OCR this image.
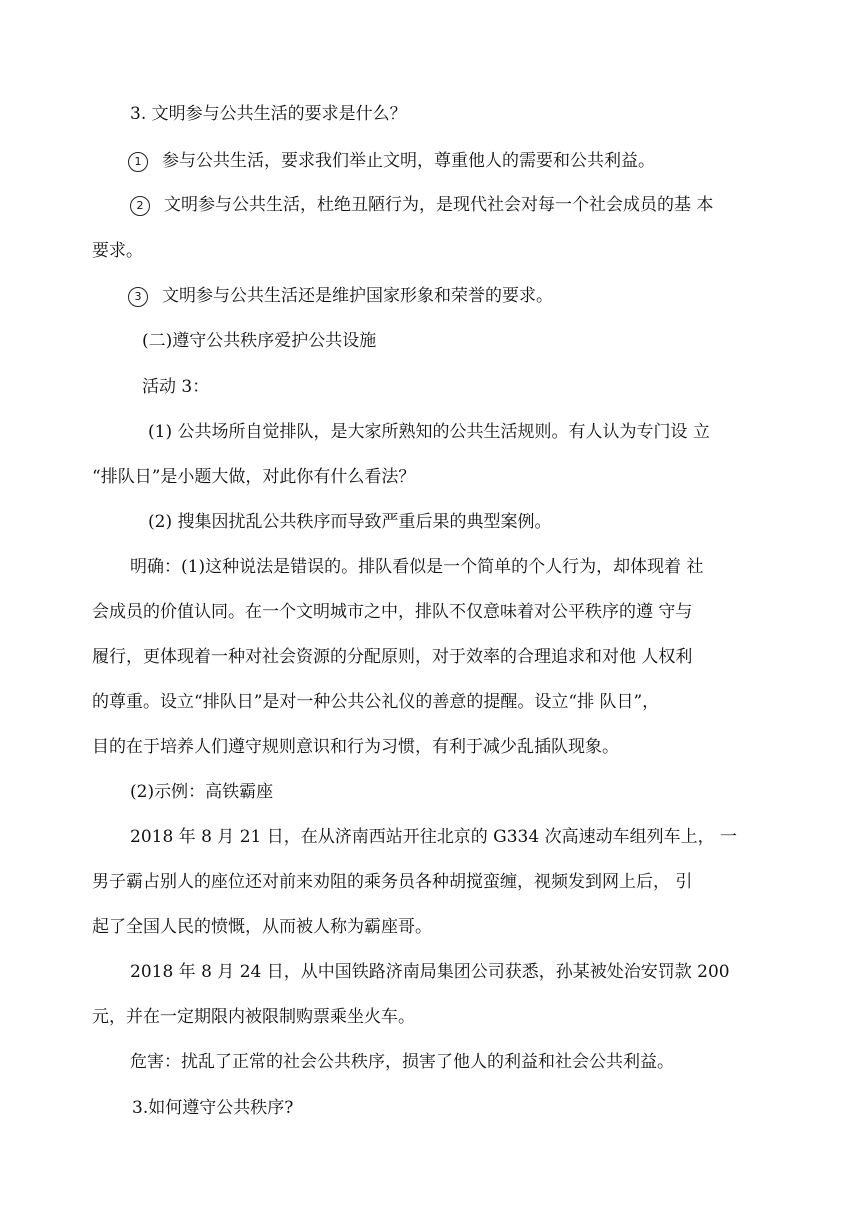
3. 文明参与公共生活的要求是什么？
1 参与公共生活，要求我们举止文明，尊重他人的需要和公共利益。
2 文明参与公共生活，杜绝丑陋行为，是现代社会对每一个社会成员的基 本
要求。
3 文明参与公共生活还是维护国家形象和荣誉的要求。
(二)遵守公共秩序爱护公共设施
活动 3：
(1) 公共场所自觉排队，是大家所熟知的公共生活规则。有人认为专门设 立
“排队日”是小题大做，对此你有什么看法？
(2) 搜集因扰乱公共秩序而导致严重后果的典型案例。
明确：(1)这种说法是错误的。排队看似是一个简单的个人行为，却体现着 社
会成员的价值认同。在一个文明城市之中，排队不仅意味着对公平秩序的遵 守与
履行，更体现着一种对社会资源的分配原则，对于效率的合理追求和对他 人权利
的尊重。设立“排队日”是对一种公共公礼仪的善意的提醒。设立“排 队日”，
目的在于培养人们遵守规则意识和行为习惯，有利于减少乱插队现象。
(2)示例：高铁霸座
2018 年 8 月 21 日，在从济南西站开往北京的 G334 次高速动车组列车上， 一
男子霸占别人的座位还对前来劝阻的乘务员各种胡搅蛮缠，视频发到网上后， 引
起了全国人民的愤慨，从而被人称为霸座哥。
2018 年 8 月 24 日，从中国铁路济南局集团公司获悉，孙某被处治安罚款 200
元，并在一定期限内被限制购票乘坐火车。
危害：扰乱了正常的社会公共秩序，损害了他人的利益和社会公共利益。
3.如何遵守公共秩序?
